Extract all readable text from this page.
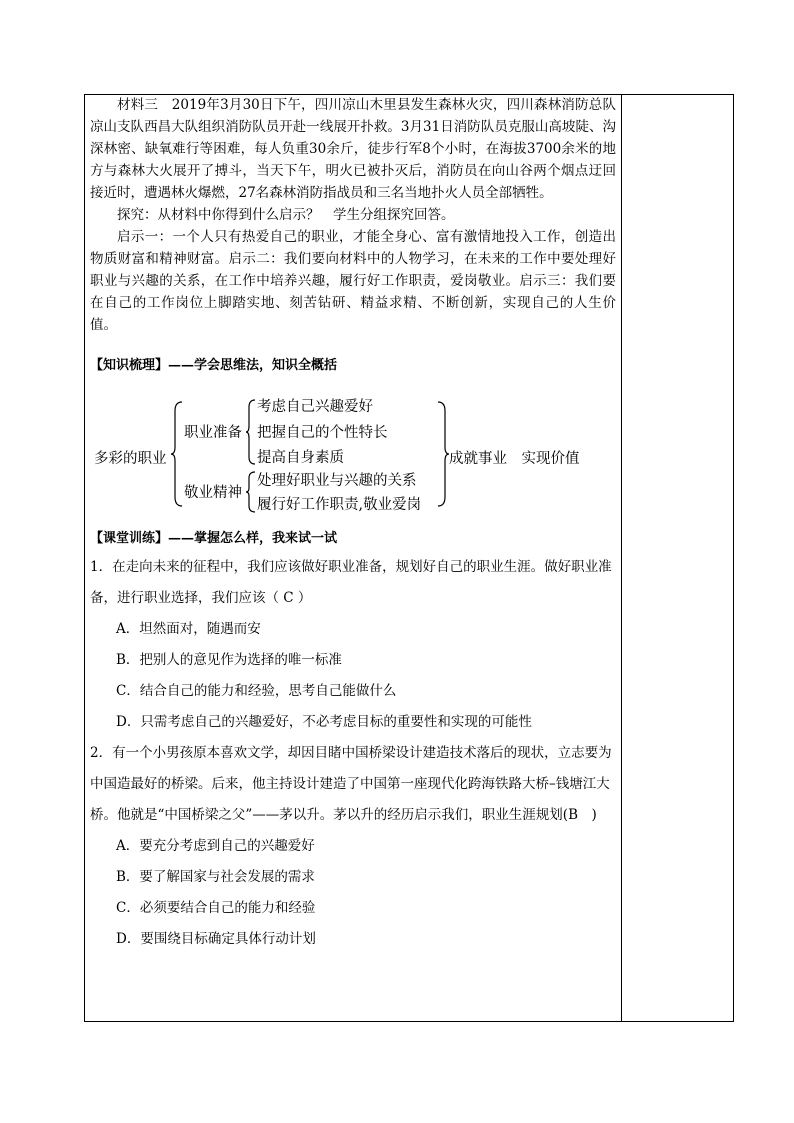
材料三　2019年3月30日下午，四川凉山木里县发生森林火灾，四川森林消防总队凉山支队西昌大队组织消防队员开赴一线展开扑救。3月31日消防队员克服山高坡陡、沟深林密、缺氧难行等困难，每人负重30余斤，徒步行军8个小时，在海拔3700余米的地方与森林大火展开了搏斗，当天下午，明火已被扑灭后，消防员在向山谷两个烟点迂回接近时，遭遇林火爆燃，27名森林消防指战员和三名当地扑火人员全部牺牲。

探究：从材料中你得到什么启示？　学生分组探究回答。

启示一：一个人只有热爱自己的职业，才能全身心、富有激情地投入工作，创造出物质财富和精神财富。启示二：我们要向材料中的人物学习，在未来的工作中要处理好职业与兴趣的关系，在工作中培养兴趣，履行好工作职责，爱岗敬业。启示三：我们要在自己的工作岗位上脚踏实地、刻苦钻研、精益求精、不断创新，实现自己的人生价值。

【知识梳理】——学会思维法，知识全概括

多彩的职业
职业准备
考虑自己兴趣爱好
把握自己的个性特长
提高自身素质
敬业精神
处理好职业与兴趣的关系
履行好工作职责,敬业爱岗
成就事业　实现价值

【课堂训练】——掌握怎么样，我来试一试

1．在走向未来的征程中，我们应该做好职业准备，规划好自己的职业生涯。做好职业准备，进行职业选择，我们应该（ C ）

A．坦然面对，随遇而安

B．把别人的意见作为选择的唯一标准

C．结合自己的能力和经验，思考自己能做什么

D．只需考虑自己的兴趣爱好，不必考虑目标的重要性和实现的可能性

2．有一个小男孩原本喜欢文学，却因目睹中国桥梁设计建造技术落后的现状，立志要为中国造最好的桥梁。后来，他主持设计建造了中国第一座现代化跨海铁路大桥–钱塘江大桥。他就是“中国桥梁之父”——茅以升。茅以升的经历启示我们，职业生涯规划(B　)

A．要充分考虑到自己的兴趣爱好

B．要了解国家与社会发展的需求

C．必须要结合自己的能力和经验

D．要围绕目标确定具体行动计划
